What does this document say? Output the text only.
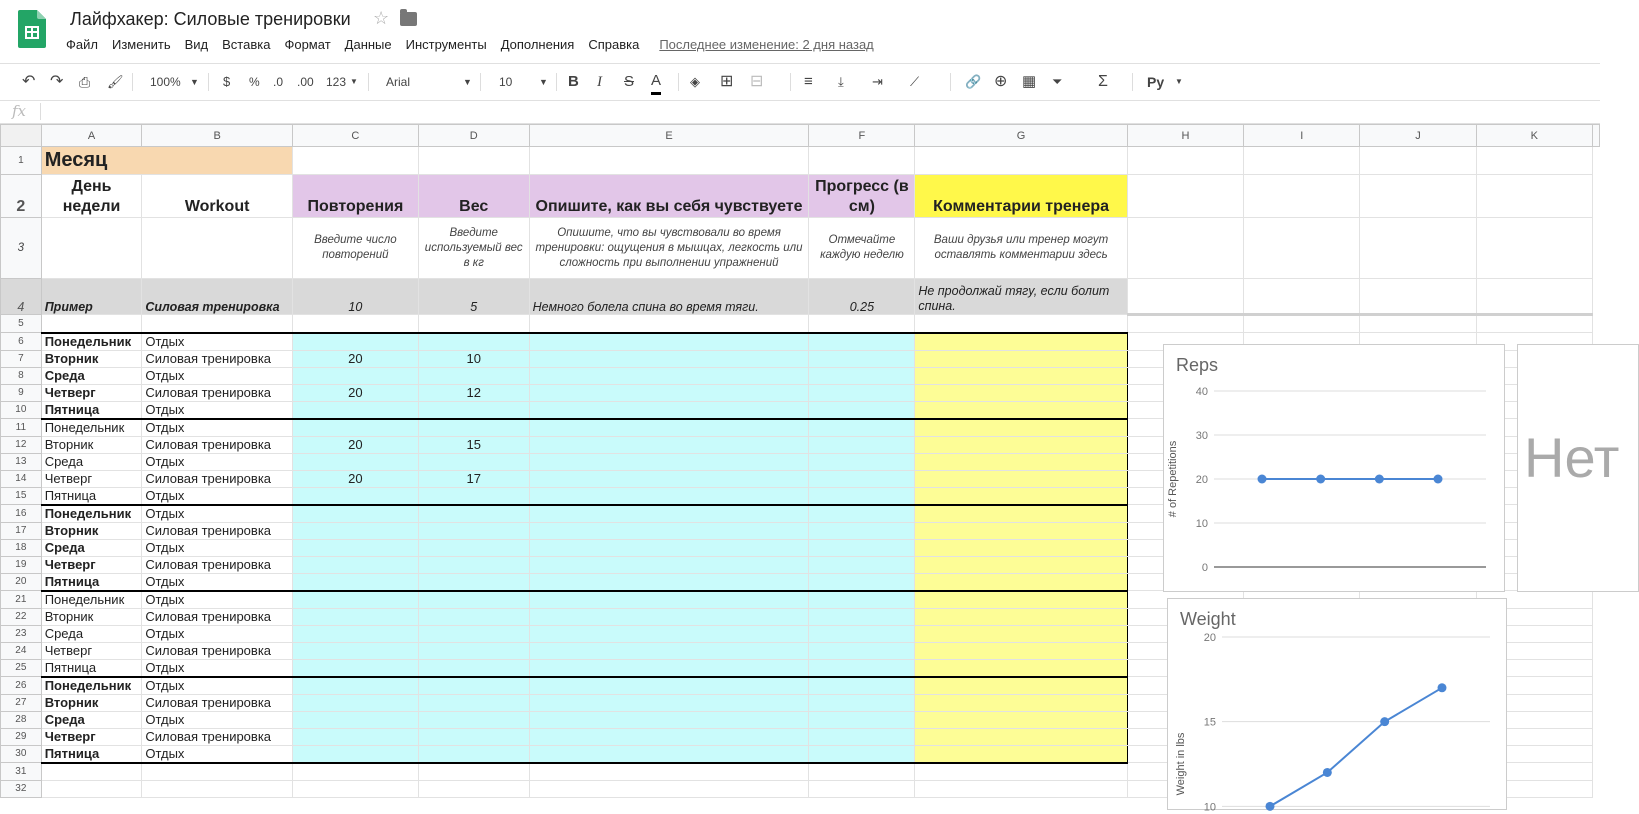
Лайфхакер: Силовые тренировки ☆
Файл Изменить Вид Вставка Формат Данные Инструменты Дополнения Справка Последнее изменение: 2 дня назад
↶ ↷ ⎙ 🖌 100% ▼ $ % .0 .00 123 ▼ Arial	▼ 10	▼ B I S A ◈ ⊞ ⊟	≡ ⤓ ⇥ ⟋	🔗 ⊕ ▦ ⏷ Σ	Ру ▼
fx
	A	B	C	D	E	F	G	H	I	J	K	
1	Месяц											
2	День недели	Workout	Повторения	Вес	Опишите, как вы себя чувствуете	Прогресс (в см)	Комментарии тренера					
3			Введите число повторений	Введите используемый вес в кг	Опишите, что вы чувствовали во время тренировки: ощущения в мышцах, легкость или сложность при выполнении упражнений	Отмечайте каждую неделю	Ваши друзья или тренер могут оставлять комментарии здесь					
4	Пример	Силовая тренировка	10	5	Немного болела спина во время тяги.	0.25	Не продолжай тягу, если болит спина.					
5												
6	Понедельник	Отдых										
7	Вторник	Силовая тренировка	20	10								
8	Среда	Отдых										
9	Четверг	Силовая тренировка	20	12								
10	Пятница	Отдых										
11	Понедельник	Отдых										
12	Вторник	Силовая тренировка	20	15								
13	Среда	Отдых										
14	Четверг	Силовая тренировка	20	17								
15	Пятница	Отдых										
16	Понедельник	Отдых										
17	Вторник	Силовая тренировка										
18	Среда	Отдых										
19	Четверг	Силовая тренировка										
20	Пятница	Отдых										
21	Понедельник	Отдых										
22	Вторник	Силовая тренировка										
23	Среда	Отдых										
24	Четверг	Силовая тренировка										
25	Пятница	Отдых										
26	Понедельник	Отдых										
27	Вторник	Силовая тренировка										
28	Среда	Отдых										
29	Четверг	Силовая тренировка										
30	Пятница	Отдых										
31												
32												
Reps
0
10
20
30
40
# of Repetitions
Weight
10
15
20
Weight in lbs
Нет
